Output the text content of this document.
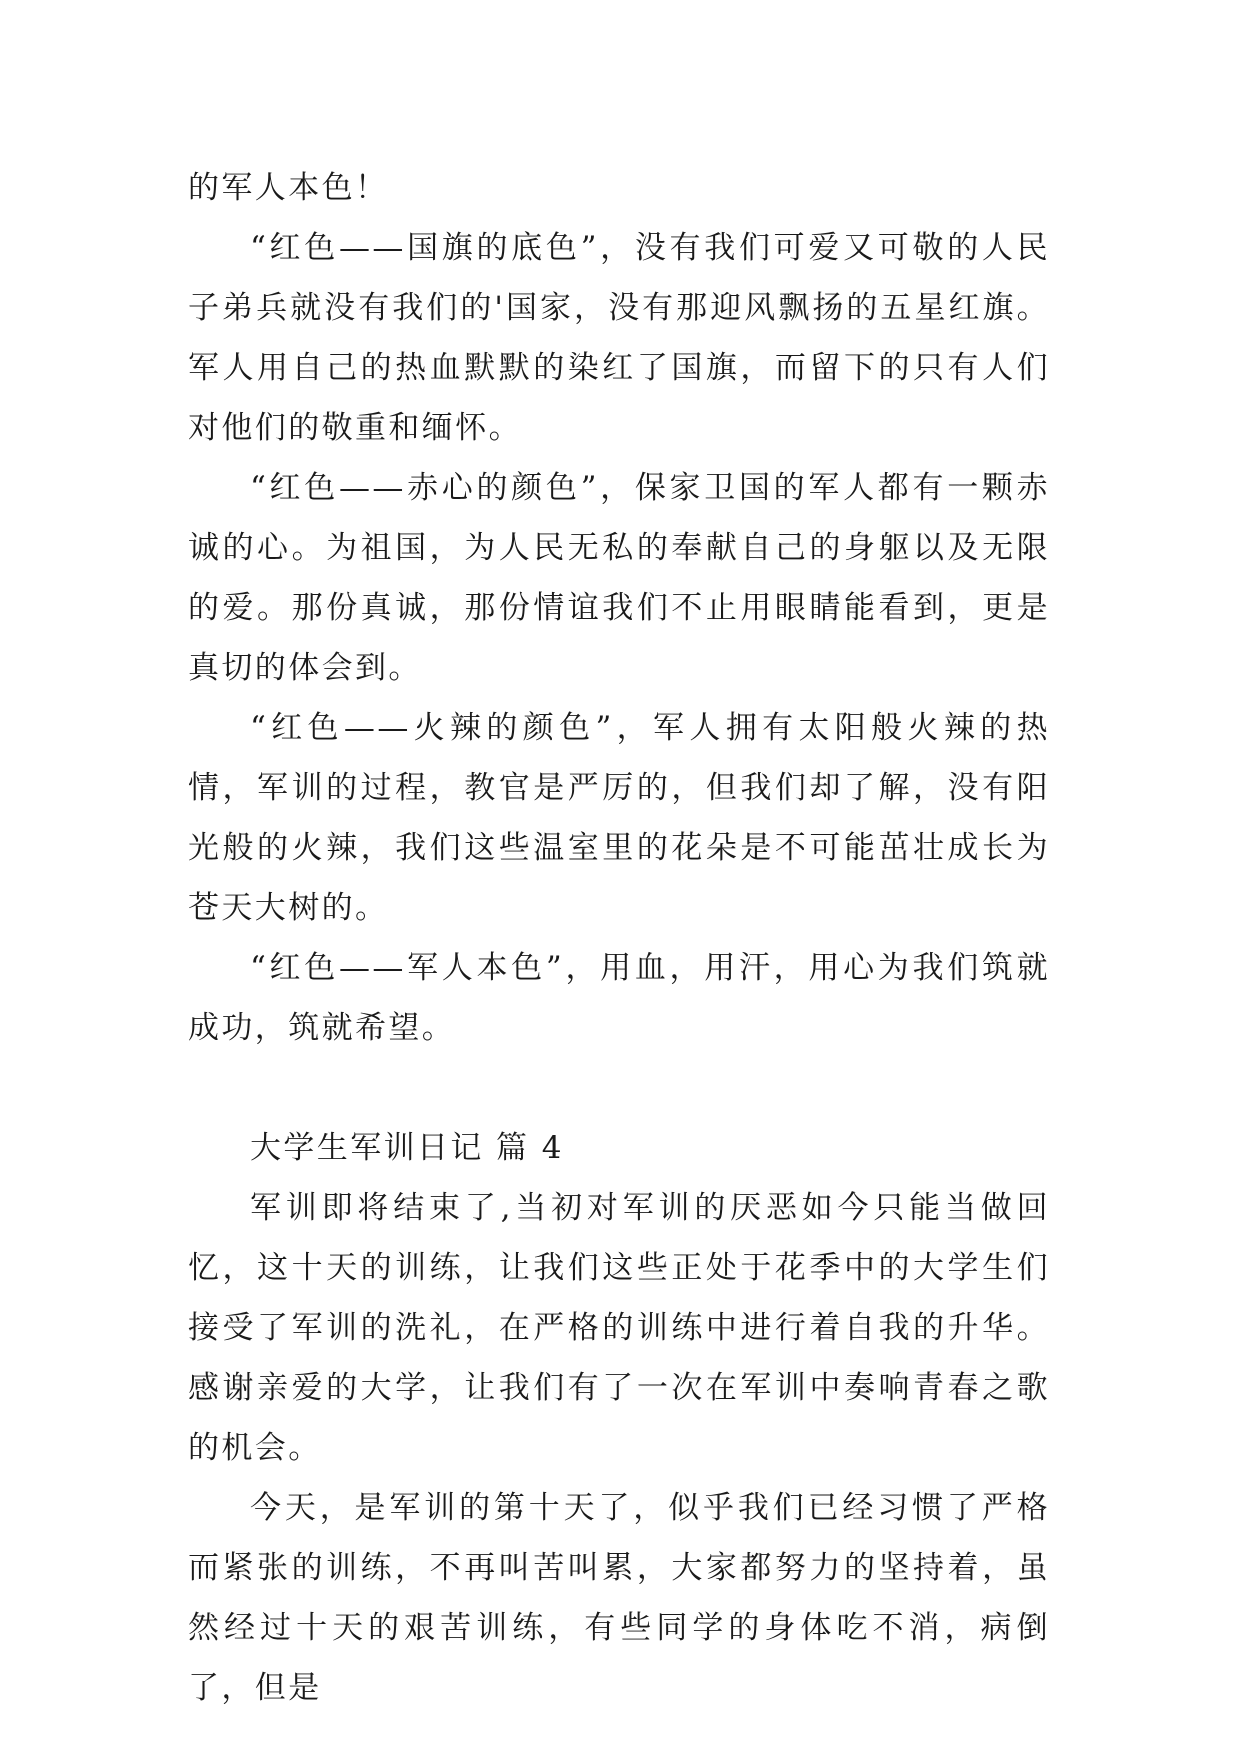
的军人本色！

“红色——国旗的底色”，没有我们可爱又可敬的人民子弟兵就没有我们的'国家，没有那迎风飘扬的五星红旗。军人用自己的热血默默的染红了国旗，而留下的只有人们对他们的敬重和缅怀。

“红色——赤心的颜色”，保家卫国的军人都有一颗赤诚的心。为祖国，为人民无私的奉献自己的身躯以及无限的爱。那份真诚，那份情谊我们不止用眼睛能看到，更是真切的体会到。

“红色——火辣的颜色”，军人拥有太阳般火辣的热情，军训的过程，教官是严厉的，但我们却了解，没有阳光般的火辣，我们这些温室里的花朵是不可能茁壮成长为苍天大树的。

“红色——军人本色”，用血，用汗，用心为我们筑就成功，筑就希望。

大学生军训日记 篇 4

军训即将结束了,当初对军训的厌恶如今只能当做回忆，这十天的训练，让我们这些正处于花季中的大学生们接受了军训的洗礼，在严格的训练中进行着自我的升华。感谢亲爱的大学，让我们有了一次在军训中奏响青春之歌的机会。

今天，是军训的第十天了，似乎我们已经习惯了严格而紧张的训练，不再叫苦叫累，大家都努力的坚持着，虽然经过十天的艰苦训练，有些同学的身体吃不消，病倒了，但是
